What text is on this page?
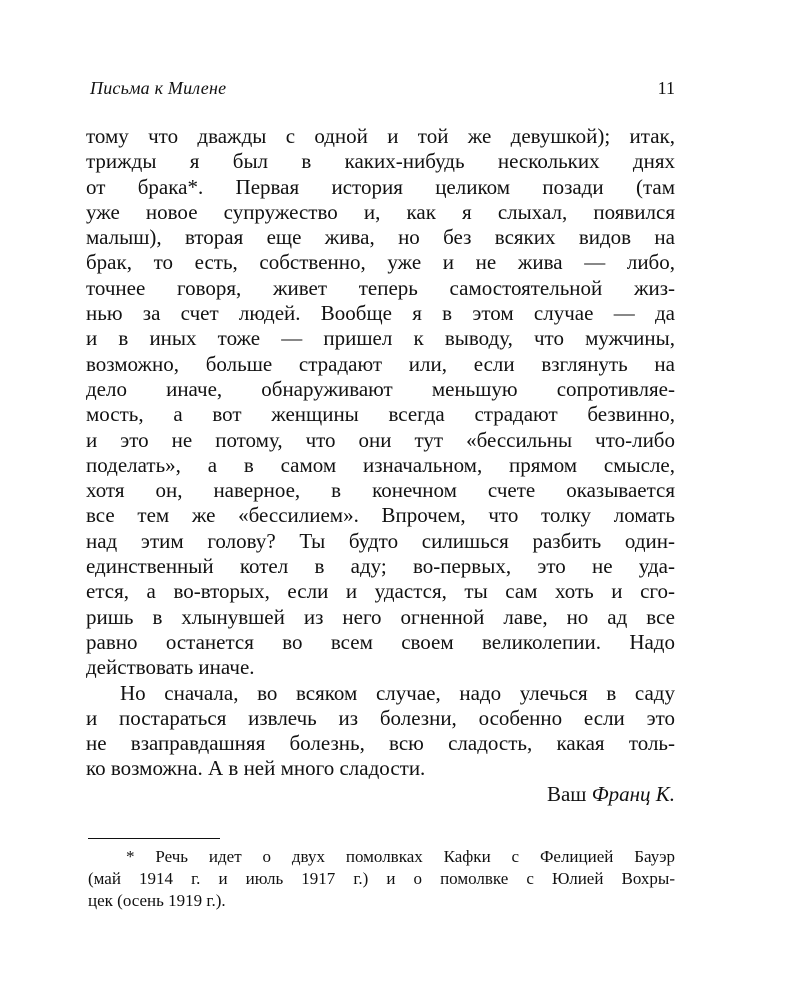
Письма к Милене	11
тому что дважды с одной и той же девушкой); итак,
трижды я был в каких-нибудь нескольких днях
от брака*. Первая история целиком позади (там
уже новое супружество и, как я слыхал, появился
малыш), вторая еще жива, но без всяких видов на
брак, то есть, собственно, уже и не жива — либо,
точнее говоря, живет теперь самостоятельной жиз-
нью за счет людей. Вообще я в этом случае — да
и в иных тоже — пришел к выводу, что мужчины,
возможно, больше страдают или, если взглянуть на
дело иначе, обнаруживают меньшую сопротивляе-
мость, а вот женщины всегда страдают безвинно,
и это не потому, что они тут «бессильны что-либо
поделать», а в самом изначальном, прямом смысле,
хотя он, наверное, в конечном счете оказывается
все тем же «бессилием». Впрочем, что толку ломать
над этим голову? Ты будто силишься разбить один-
единственный котел в аду; во-первых, это не уда-
ется, а во-вторых, если и удастся, ты сам хоть и сго-
ришь в хлынувшей из него огненной лаве, но ад все
равно останется во всем своем великолепии. Надо
действовать иначе.
Но сначала, во всяком случае, надо улечься в саду
и постараться извлечь из болезни, особенно если это
не взаправдашняя болезнь, всю сладость, какая толь-
ко возможна. А в ней много сладости.
Ваш Франц К.
* Речь идет о двух помолвках Кафки с Фелицией Бауэр
(май 1914 г. и июль 1917 г.) и о помолвке с Юлией Вохры-
цек (осень 1919 г.).
